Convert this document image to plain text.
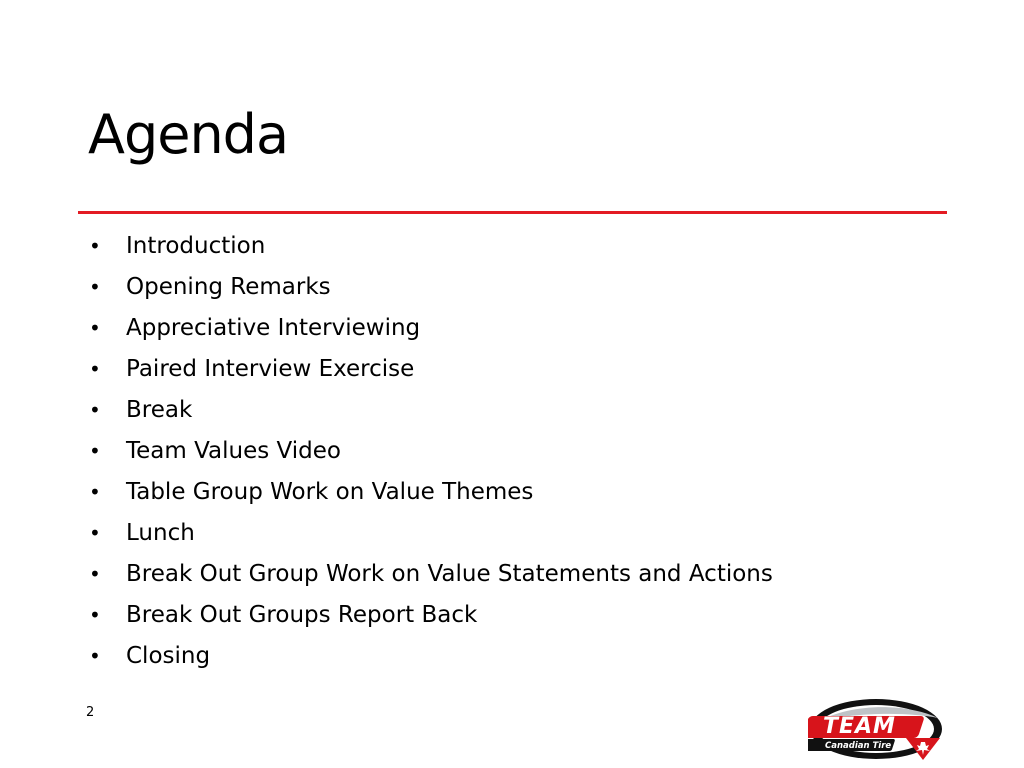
Agenda
•	Introduction
•	Opening Remarks
•	Appreciative Interviewing
•	Paired Interview Exercise
•	Break
•	Team Values Video
•	Table Group Work on Value Themes
•	Lunch
•	Break Out Group Work on Value Statements and Actions
•	Break Out Groups Report Back
•	Closing
2
TEAM
Canadian Tire
